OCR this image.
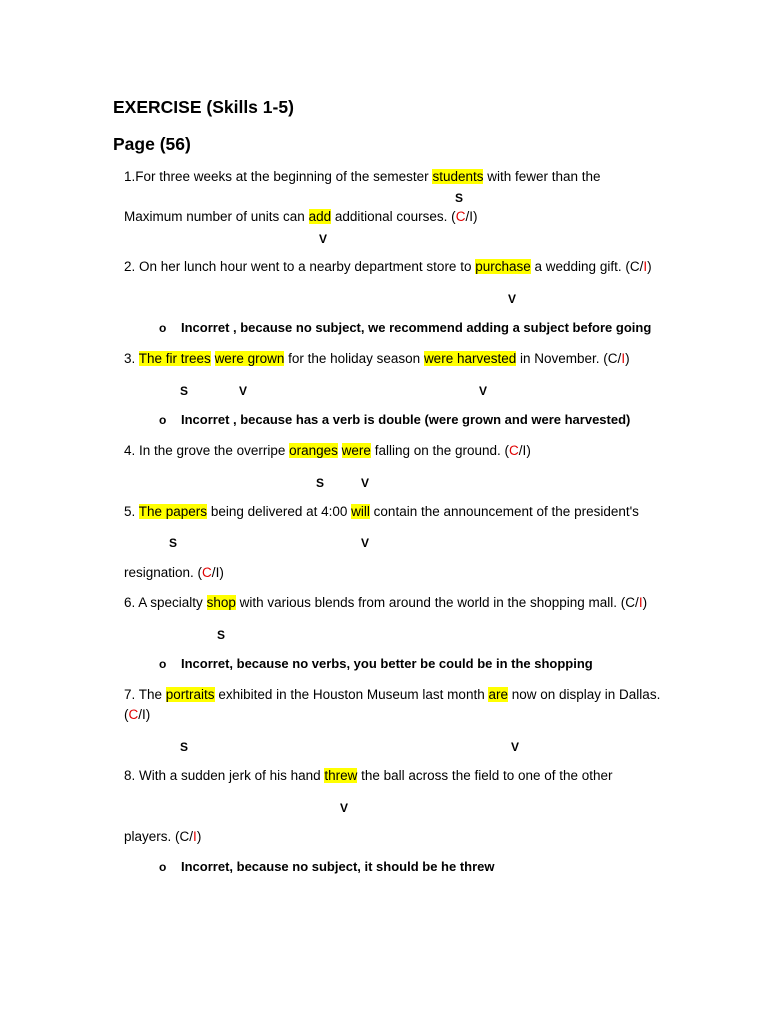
EXERCISE (Skills 1-5)
Page (56)
1.For three weeks at the beginning of the semester students with fewer than the
S
Maximum number of units can add additional courses. (C/I)
V
2. On her lunch hour went to a nearby department store to purchase a wedding gift. (C/I)
V
o Incorret , because no subject, we recommend adding a subject before going
3. The fir trees were grown for the holiday season were harvested in November. (C/I)
S	V	V
o Incorret , because has a verb is double (were grown and were harvested)
4. In the grove the overripe oranges were falling on the ground. (C/I)
S	V
5. The papers being delivered at 4:00 will contain the announcement of the president's
S	V
resignation. (C/I)
6. A specialty shop with various blends from around the world in the shopping mall. (C/I)
S
o Incorret, because no verbs, you better be could be in the shopping
7. The portraits exhibited in the Houston Museum last month are now on display in Dallas.
(C/I)
S	V
8. With a sudden jerk of his hand threw the ball across the field to one of the other
V
players. (C/I)
o Incorret, because no subject, it should be he threw
